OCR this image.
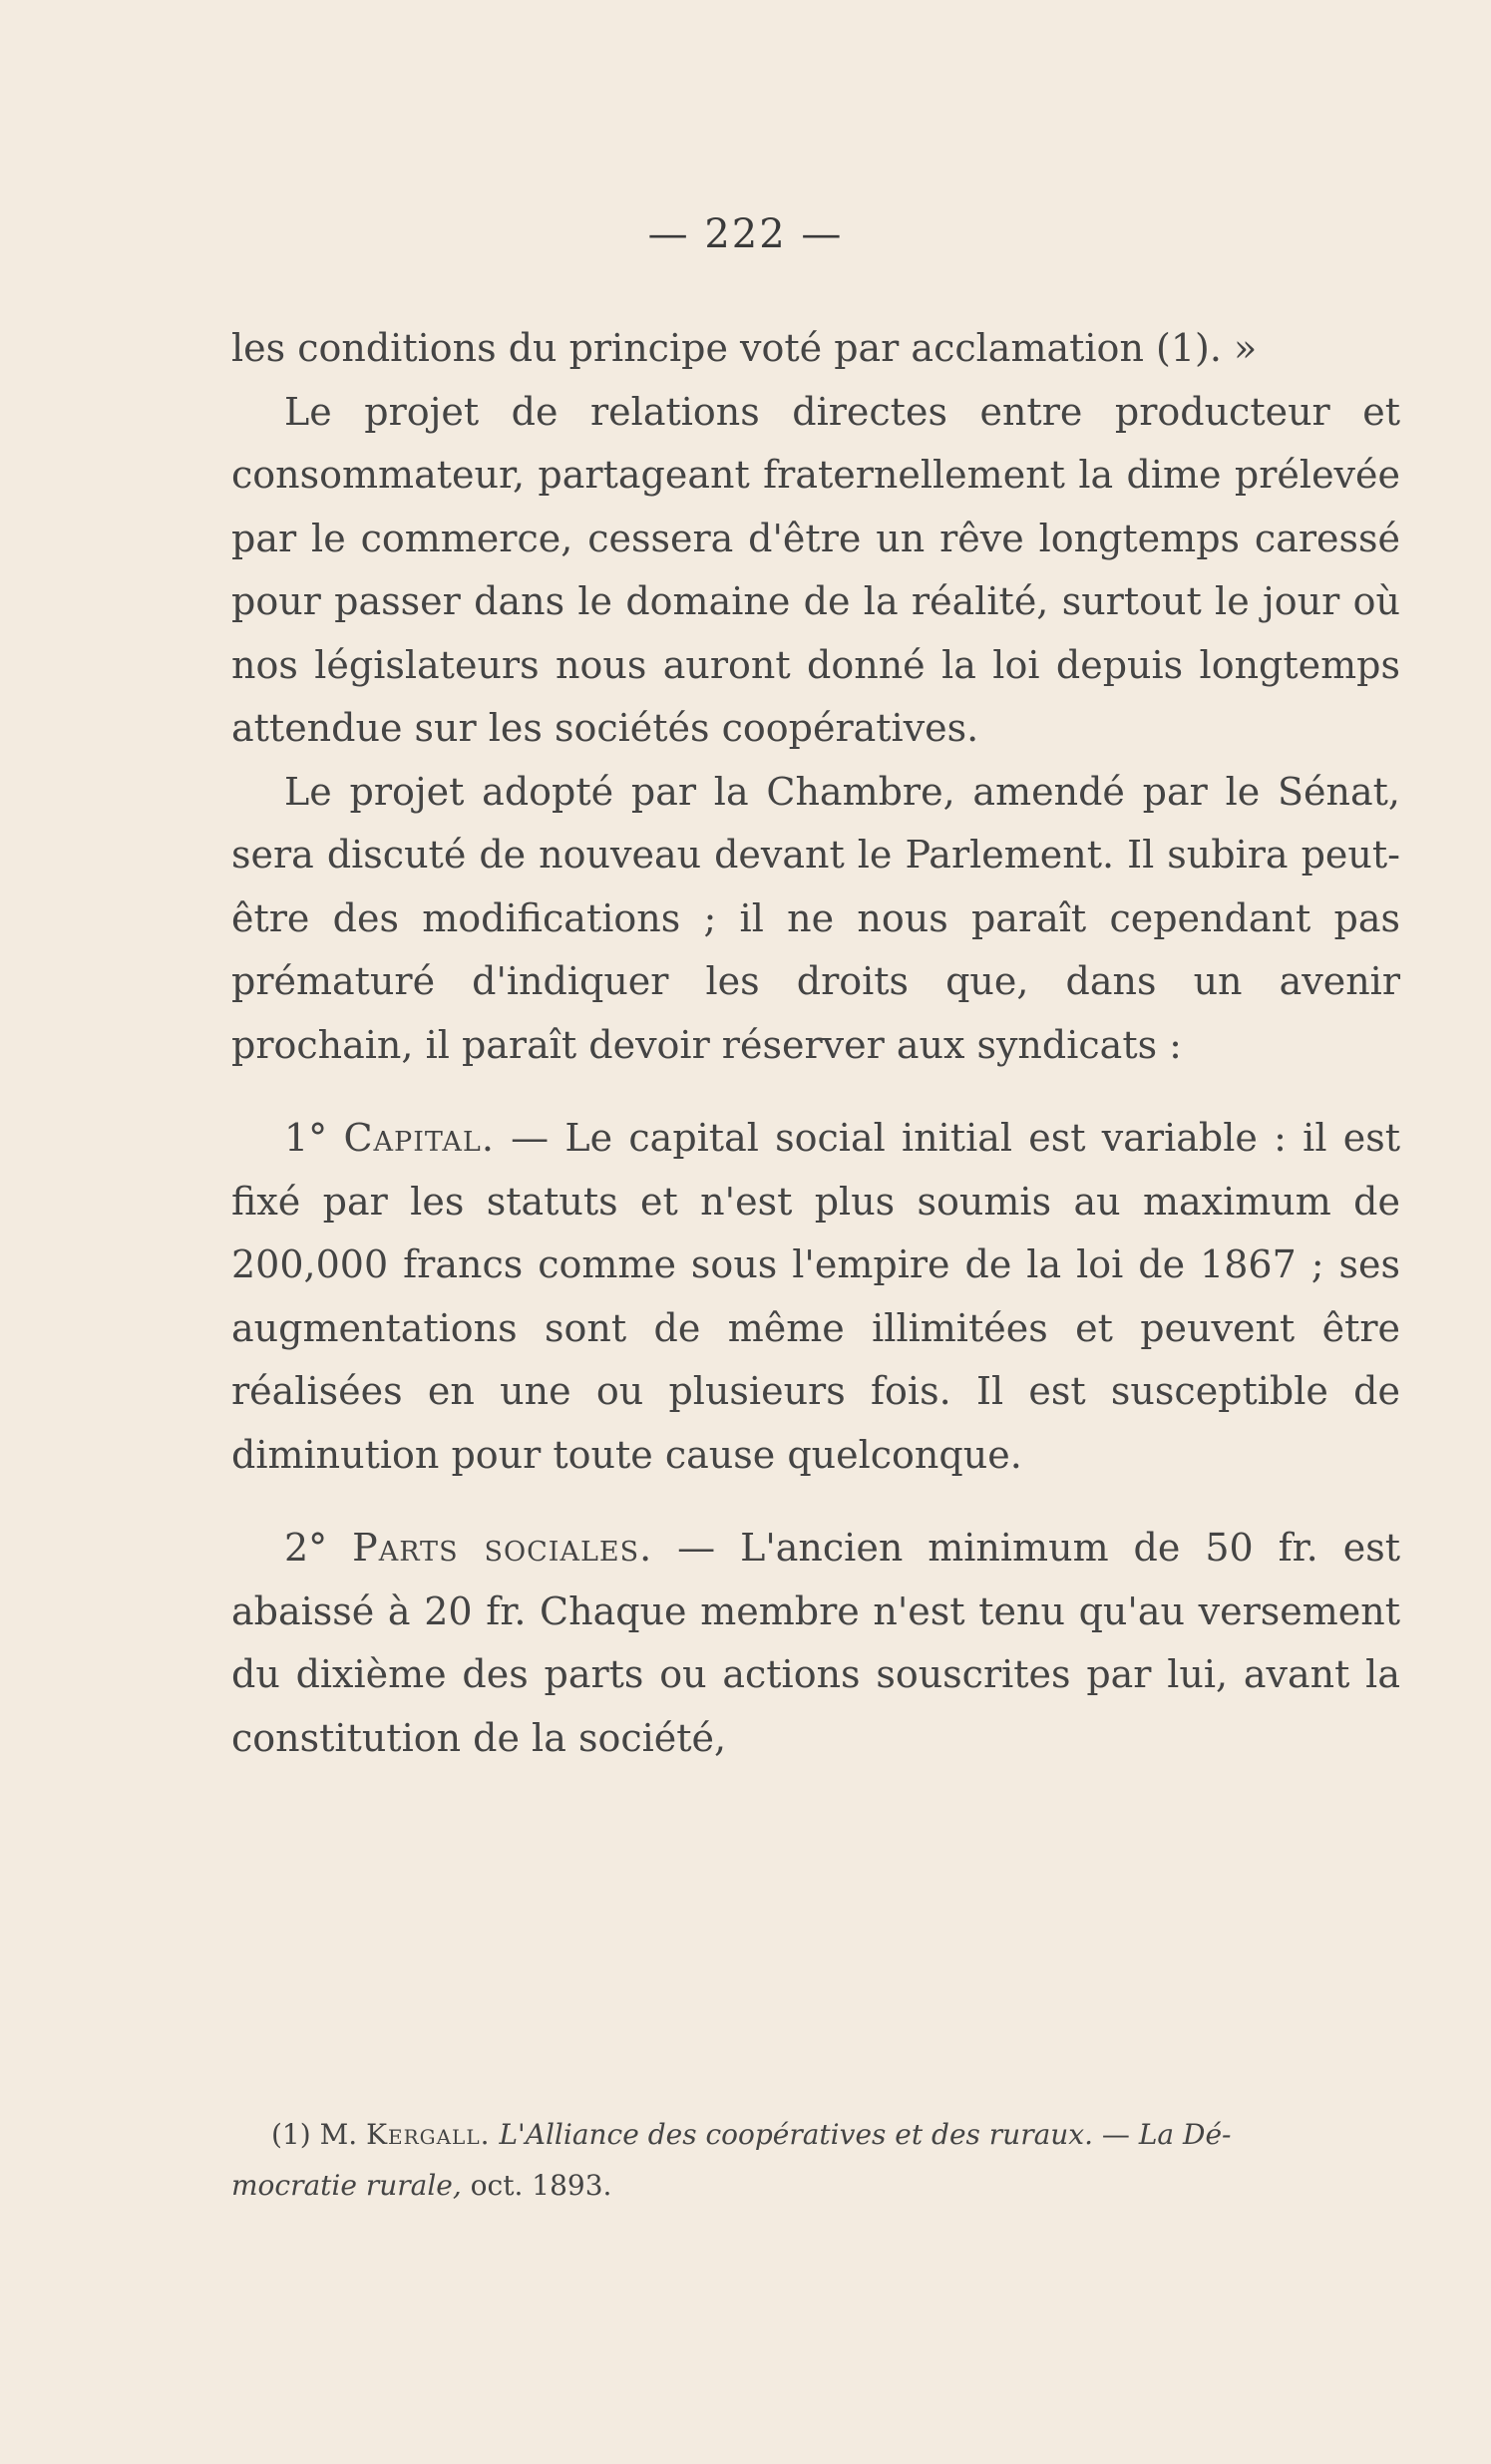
— 222 —

les conditions du principe voté par acclamation (1). »

Le projet de relations directes entre producteur et consommateur, partageant fraternellement la dime prélevée par le commerce, cessera d'être un rêve longtemps caressé pour passer dans le domaine de la réalité, surtout le jour où nos législateurs nous auront donné la loi depuis longtemps attendue sur les sociétés coopératives.

Le projet adopté par la Chambre, amendé par le Sénat, sera discuté de nouveau devant le Parlement. Il subira peut-être des modifications ; il ne nous paraît cependant pas prématuré d'indiquer les droits que, dans un avenir prochain, il paraît devoir réserver aux syndicats :

1° Capital. — Le capital social initial est variable : il est fixé par les statuts et n'est plus soumis au maximum de 200,000 francs comme sous l'empire de la loi de 1867 ; ses augmentations sont de même illimitées et peuvent être réalisées en une ou plusieurs fois. Il est susceptible de diminution pour toute cause quelconque.

2° Parts sociales. — L'ancien minimum de 50 fr. est abaissé à 20 fr. Chaque membre n'est tenu qu'au versement du dixième des parts ou actions souscrites par lui, avant la constitution de la société,

(1) M. Kergall. L'Alliance des coopératives et des ruraux. — La Dé-
mocratie rurale, oct. 1893.
